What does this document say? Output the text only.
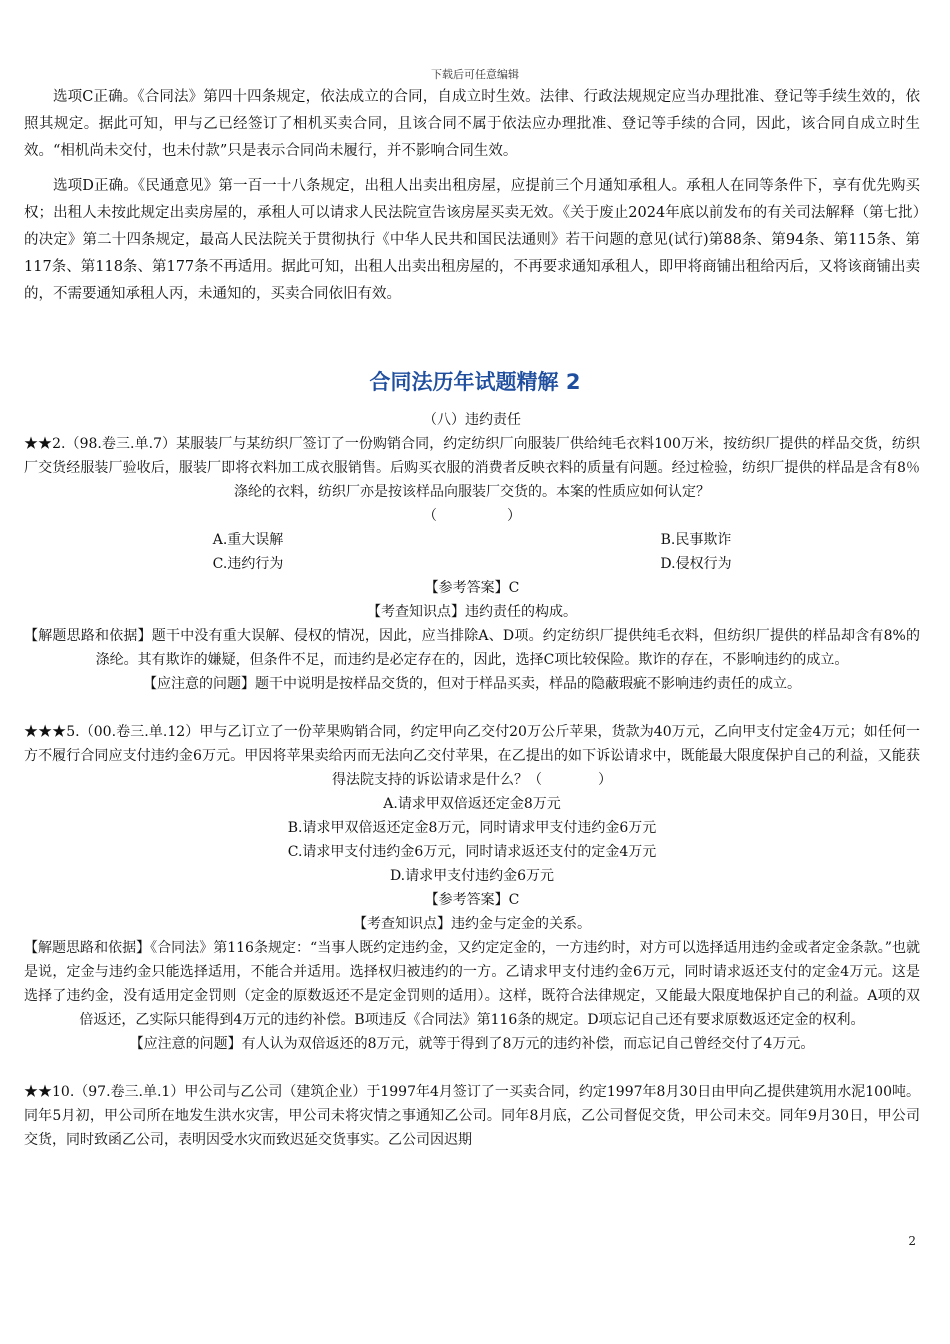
下载后可任意编辑

选项C正确。《合同法》第四十四条规定，依法成立的合同，自成立时生效。法律、行政法规规定应当办理批准、登记等手续生效的，依照其规定。据此可知，甲与乙已经签订了相机买卖合同，且该合同不属于依法应办理批准、登记等手续的合同，因此，该合同自成立时生效。“相机尚未交付，也未付款”只是表示合同尚未履行，并不影响合同生效。

选项D正确。《民通意见》第一百一十八条规定，出租人出卖出租房屋，应提前三个月通知承租人。承租人在同等条件下，享有优先购买权；出租人未按此规定出卖房屋的，承租人可以请求人民法院宣告该房屋买卖无效。《关于废止2024年底以前发布的有关司法解释（第七批）的决定》第二十四条规定，最高人民法院关于贯彻执行《中华人民共和国民法通则》若干问题的意见(试行)第88条、第94条、第115条、第117条、第118条、第177条不再适用。据此可知，出租人出卖出租房屋的，不再要求通知承租人，即甲将商铺出租给丙后，又将该商铺出卖的，不需要通知承租人丙，未通知的，买卖合同依旧有效。

合同法历年试题精解 2
（八）违约责任
★★2.（98.卷三.单.7）某服装厂与某纺织厂签订了一份购销合同，约定纺织厂向服装厂供给纯毛衣料100万米，按纺织厂提供的样品交货，纺织厂交货经服装厂验收后，服装厂即将衣料加工成衣服销售。后购买衣服的消费者反映衣料的质量有问题。经过检验，纺织厂提供的样品是含有8％涤纶的衣料，纺织厂亦是按该样品向服装厂交货的。本案的性质应如何认定？
（　　　　　）
A.重大误解	B.民事欺诈
C.违约行为	D.侵权行为
【参考答案】C
【考查知识点】违约责任的构成。
【解题思路和依据】题干中没有重大误解、侵权的情况，因此，应当排除A、D项。约定纺织厂提供纯毛衣料，但纺织厂提供的样品却含有8%的涤纶。其有欺诈的嫌疑，但条件不足，而违约是必定存在的，因此，选择C项比较保险。欺诈的存在，不影响违约的成立。
【应注意的问题】题干中说明是按样品交货的，但对于样品买卖，样品的隐蔽瑕疵不影响违约责任的成立。
★★★5.（00.卷三.单.12）甲与乙订立了一份苹果购销合同，约定甲向乙交付20万公斤苹果，货款为40万元，乙向甲支付定金4万元；如任何一方不履行合同应支付违约金6万元。甲因将苹果卖给丙而无法向乙交付苹果，在乙提出的如下诉讼请求中，既能最大限度保护自己的利益，又能获得法院支持的诉讼请求是什么？（　　　　）
A.请求甲双倍返还定金8万元
B.请求甲双倍返还定金8万元，同时请求甲支付违约金6万元
C.请求甲支付违约金6万元，同时请求返还支付的定金4万元
D.请求甲支付违约金6万元
【参考答案】C
【考查知识点】违约金与定金的关系。
【解题思路和依据】《合同法》第116条规定：“当事人既约定违约金，又约定定金的，一方违约时，对方可以选择适用违约金或者定金条款。”也就是说，定金与违约金只能选择适用，不能合并适用。选择权归被违约的一方。乙请求甲支付违约金6万元，同时请求返还支付的定金4万元。这是选择了违约金，没有适用定金罚则（定金的原数返还不是定金罚则的适用）。这样，既符合法律规定，又能最大限度地保护自己的利益。A项的双倍返还，乙实际只能得到4万元的违约补偿。B项违反《合同法》第116条的规定。D项忘记自己还有要求原数返还定金的权利。
【应注意的问题】有人认为双倍返还的8万元，就等于得到了8万元的违约补偿，而忘记自己曾经交付了4万元。
★★10.（97.卷三.单.1）甲公司与乙公司（建筑企业）于1997年4月签订了一买卖合同，约定1997年8月30日由甲向乙提供建筑用水泥100吨。同年5月初，甲公司所在地发生洪水灾害，甲公司未将灾情之事通知乙公司。同年8月底，乙公司督促交货，甲公司未交。同年9月30日，甲公司交货，同时致函乙公司，表明因受水灾而致迟延交货事实。乙公司因迟期
2
